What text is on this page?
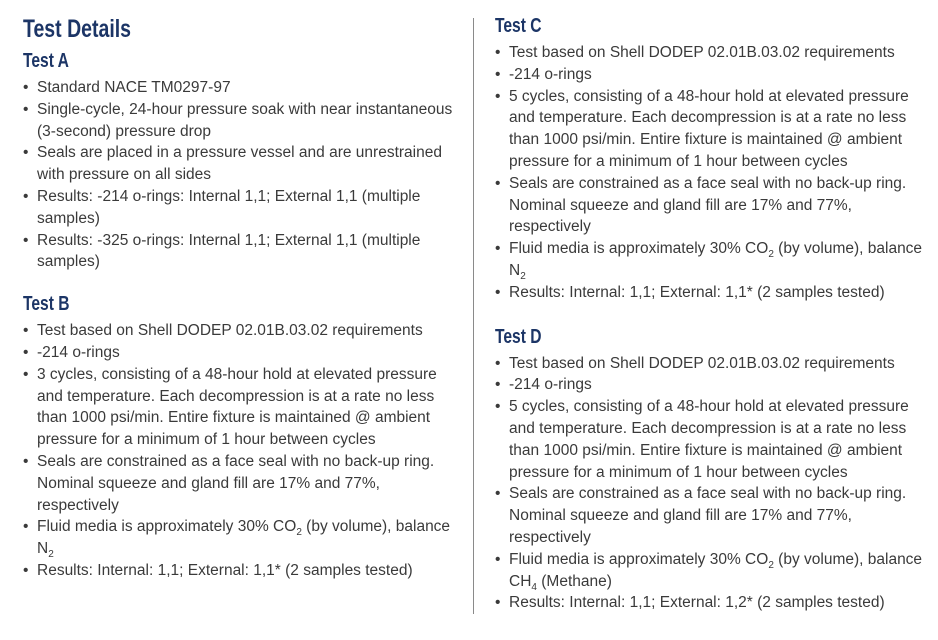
Test Details
Test A
• Standard NACE TM0297-97
• Single-cycle, 24-hour pressure soak with near instantaneous (3-second) pressure drop
• Seals are placed in a pressure vessel and are unrestrained with pressure on all sides
• Results: -214 o-rings: Internal 1,1; External 1,1 (multiple samples)
• Results: -325 o-rings: Internal 1,1; External 1,1 (multiple samples)
Test B
• Test based on Shell DODEP 02.01B.03.02 requirements
• -214 o-rings
• 3 cycles, consisting of a 48-hour hold at elevated pressure and temperature. Each decompression is at a rate no less than 1000 psi/min. Entire fixture is maintained @ ambient pressure for a minimum of 1 hour between cycles
• Seals are constrained as a face seal with no back-up ring. Nominal squeeze and gland fill are 17% and 77%, respectively
• Fluid media is approximately 30% $CO_2$ (by volume), balance $N_2$
• Results: Internal: 1,1; External: 1,1* (2 samples tested)
Test C
• Test based on Shell DODEP 02.01B.03.02 requirements
• -214 o-rings
• 5 cycles, consisting of a 48-hour hold at elevated pressure and temperature. Each decompression is at a rate no less than 1000 psi/min. Entire fixture is maintained @ ambient pressure for a minimum of 1 hour between cycles
• Seals are constrained as a face seal with no back-up ring. Nominal squeeze and gland fill are 17% and 77%, respectively
• Fluid media is approximately 30% $CO_2$ (by volume), balance $N_2$
• Results: Internal: 1,1; External: 1,1* (2 samples tested)
Test D
• Test based on Shell DODEP 02.01B.03.02 requirements
• -214 o-rings
• 5 cycles, consisting of a 48-hour hold at elevated pressure and temperature. Each decompression is at a rate no less than 1000 psi/min. Entire fixture is maintained @ ambient pressure for a minimum of 1 hour between cycles
• Seals are constrained as a face seal with no back-up ring. Nominal squeeze and gland fill are 17% and 77%, respectively
• Fluid media is approximately 30% $CO_2$ (by volume), balance $CH_4$ (Methane)
• Results: Internal: 1,1; External: 1,2* (2 samples tested)
